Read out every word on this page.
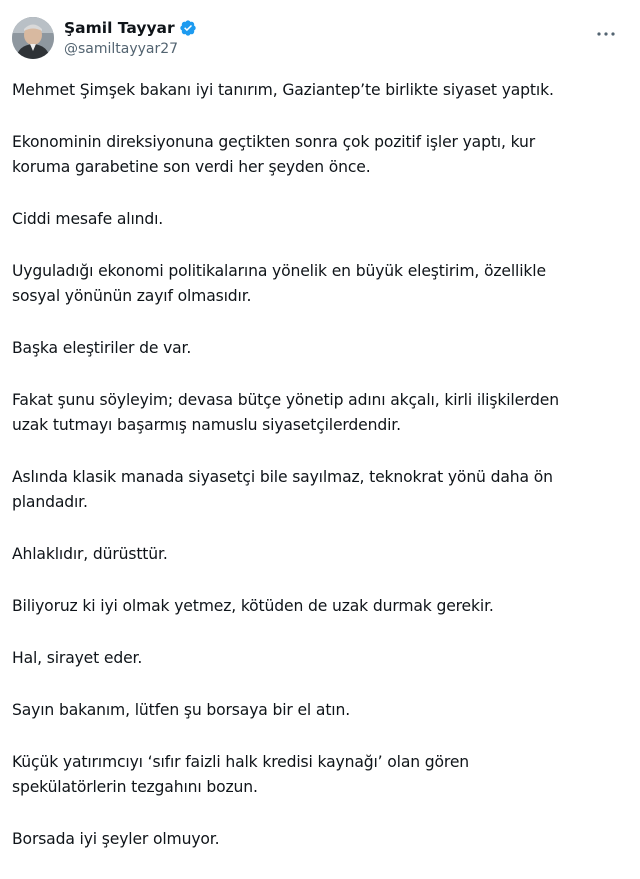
Şamil Tayyar
@samiltayyar27

Mehmet Şimşek bakanı iyi tanırım, Gaziantep’te birlikte siyaset yaptık.

Ekonominin direksiyonuna geçtikten sonra çok pozitif işler yaptı, kur
koruma garabetine son verdi her şeyden önce.

Ciddi mesafe alındı.

Uyguladığı ekonomi politikalarına yönelik en büyük eleştirim, özellikle
sosyal yönünün zayıf olmasıdır.

Başka eleştiriler de var.

Fakat şunu söyleyim; devasa bütçe yönetip adını akçalı, kirli ilişkilerden
uzak tutmayı başarmış namuslu siyasetçilerdendir.

Aslında klasik manada siyasetçi bile sayılmaz, teknokrat yönü daha ön
plandadır.

Ahlaklıdır, dürüsttür.

Biliyoruz ki iyi olmak yetmez, kötüden de uzak durmak gerekir.

Hal, sirayet eder.

Sayın bakanım, lütfen şu borsaya bir el atın.

Küçük yatırımcıyı ‘sıfır faizli halk kredisi kaynağı’ olan gören
spekülatörlerin tezgahını bozun.

Borsada iyi şeyler olmuyor.
